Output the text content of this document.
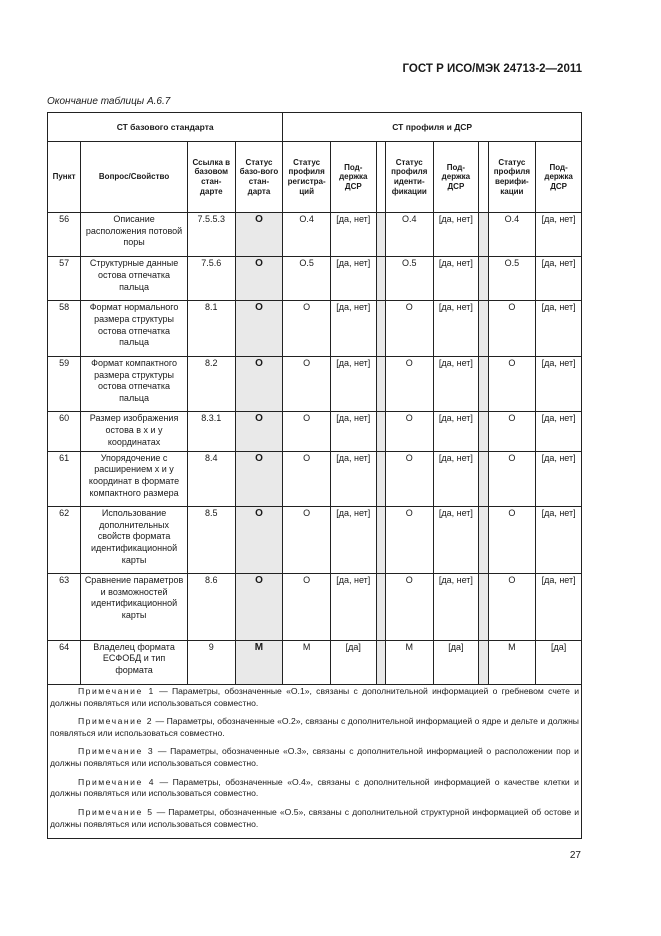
ГОСТ Р ИСО/МЭК 24713-2—2011
Окончание таблицы А.6.7
СТ базового стандарта				СТ профиля и ДСР							
Пункт	Вопрос/Свойство	Ссылка в базовом стан-дарте	Статус базо-вого стан-дарта	Статус профиля регистра-ций	Под-держка ДСР		Статус профиля иденти-фикации	Под-держка ДСР		Статус профиля верифи-кации	Под-держка ДСР
56	Описание расположения потовой поры	7.5.5.3	O	O.4	[да, нет]		O.4	[да, нет]		O.4	[да, нет]
57	Структурные данные остова отпечатка пальца	7.5.6	O	O.5	[да, нет]		O.5	[да, нет]		O.5	[да, нет]
58	Формат нормального размера структуры остова отпечатка пальца	8.1	O	O	[да, нет]		O	[да, нет]		O	[да, нет]
59	Формат компактного размера структуры остова отпечатка пальца	8.2	O	O	[да, нет]		O	[да, нет]		O	[да, нет]
60	Размер изображения остова в x и y координатах	8.3.1	O	O	[да, нет]		O	[да, нет]		O	[да, нет]
61	Упорядочение с расширением x и y координат в формате компактного размера	8.4	O	O	[да, нет]		O	[да, нет]		O	[да, нет]
62	Использование дополнительных свойств формата идентификационной карты	8.5	O	O	[да, нет]		O	[да, нет]		O	[да, нет]
63	Сравнение параметров и возможностей идентификационной карты	8.6	O	O	[да, нет]		O	[да, нет]		O	[да, нет]
64	Владелец формата ЕСФОБД и тип формата	9	M	M	[да]		M	[да]		M	[да]

Примечание 1 — Параметры, обозначенные «O.1», связаны с дополнительной информацией о гребневом счете и должны появляться или использоваться совместно.

Примечание 2 — Параметры, обозначенные «O.2», связаны с дополнительной информацией о ядре и дельте и должны появляться или использоваться совместно.

Примечание 3 — Параметры, обозначенные «O.3», связаны с дополнительной информацией о расположении пор и должны появляться или использоваться совместно.

Примечание 4 — Параметры, обозначенные «O.4», связаны с дополнительной информацией о качестве клетки и должны появляться или использоваться совместно.

Примечание 5 — Параметры, обозначенные «O.5», связаны с дополнительной структурной информацией об остове и должны появляться или использоваться совместно.											

27
